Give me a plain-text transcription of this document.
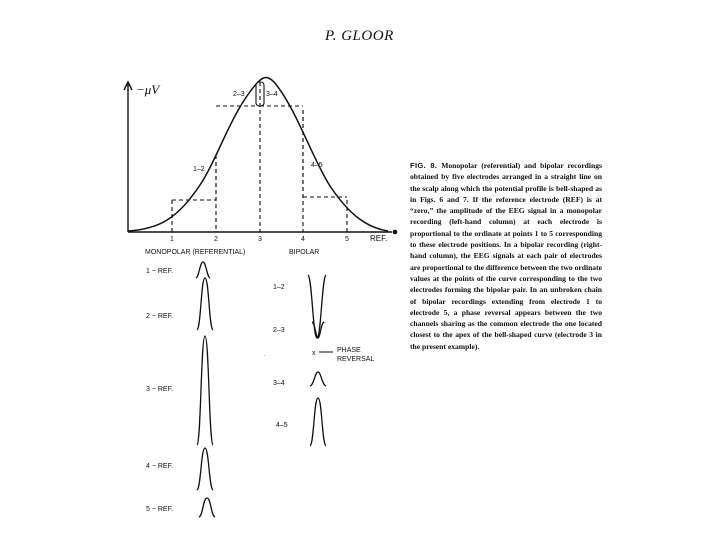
P. GLOOR
−μV	2–3	3–4
1–2
4–5
1	2	3	4	5	REF.
MONOPOLAR (REFERENTIAL)	BIPOLAR
1 − REF.
2 − REF.
3 − REF.
4 − REF.
5 − REF.
1–2
2–3
.
x	PHASE
REVERSAL
3–4
4–5
.
FIG. 8. Monopolar (referential) and bipolar recordings obtained by five electrodes arranged in a straight line on the scalp along which the potential profile is bell-shaped as in Figs. 6 and 7. If the reference electrode (REF) is at “zero,” the amplitude of the EEG signal in a monopolar recording (left-hand column) at each electrode is proportional to the ordinate at points 1 to 5 corresponding to these electrode positions. In a bipolar recording (right-hand column), the EEG signals at each pair of electrodes are proportional to the difference between the two ordinate values at the points of the curve corresponding to the two electrodes forming the bipolar pair. In an unbroken chain of bipolar recordings extending from electrode 1 to electrode 5, a phase reversal appears between the two channels sharing as the common electrode the one located closest to the apex of the bell-shaped curve (electrode 3 in the present example).
